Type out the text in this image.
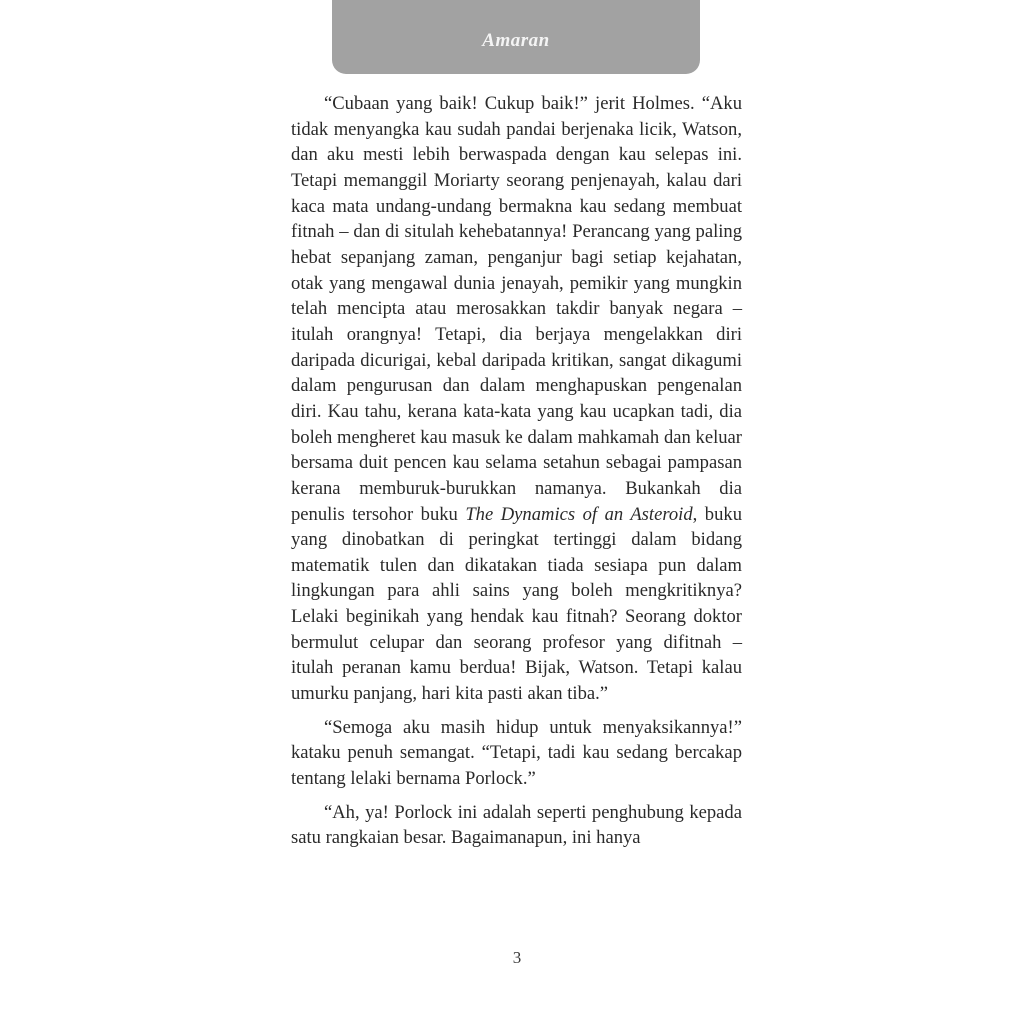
Amaran

“Cubaan yang baik! Cukup baik!” jerit Holmes. “Aku tidak menyangka kau sudah pandai berjenaka licik, Watson, dan aku mesti lebih berwaspada dengan kau selepas ini. Tetapi memanggil Moriarty seorang penjenayah, kalau dari kaca mata undang-undang bermakna kau sedang membuat fitnah – dan di situlah kehebatannya! Perancang yang paling hebat sepanjang zaman, penganjur bagi setiap kejahatan, otak yang mengawal dunia jenayah, pemikir yang mungkin telah mencipta atau merosakkan takdir banyak negara – itulah orangnya! Tetapi, dia berjaya mengelakkan diri daripada dicurigai, kebal daripada kritikan, sangat dikagumi dalam pengurusan dan dalam menghapuskan pengenalan diri. Kau tahu, kerana kata-kata yang kau ucapkan tadi, dia boleh mengheret kau masuk ke dalam mahkamah dan keluar bersama duit pencen kau selama setahun sebagai pampasan kerana memburuk-burukkan namanya. Bukankah dia penulis tersohor buku The Dynamics of an Asteroid, buku yang dinobatkan di peringkat tertinggi dalam bidang matematik tulen dan dikatakan tiada sesiapa pun dalam lingkungan para ahli sains yang boleh mengkritiknya? Lelaki beginikah yang hendak kau fitnah? Seorang doktor bermulut celupar dan seorang profesor yang difitnah – itulah peranan kamu berdua! Bijak, Watson. Tetapi kalau umurku panjang, hari kita pasti akan tiba.”

“Semoga aku masih hidup untuk menyaksikannya!” kataku penuh semangat. “Tetapi, tadi kau sedang bercakap tentang lelaki bernama Porlock.”

“Ah, ya! Porlock ini adalah seperti penghubung kepada satu rangkaian besar. Bagaimanapun, ini hanya

3
